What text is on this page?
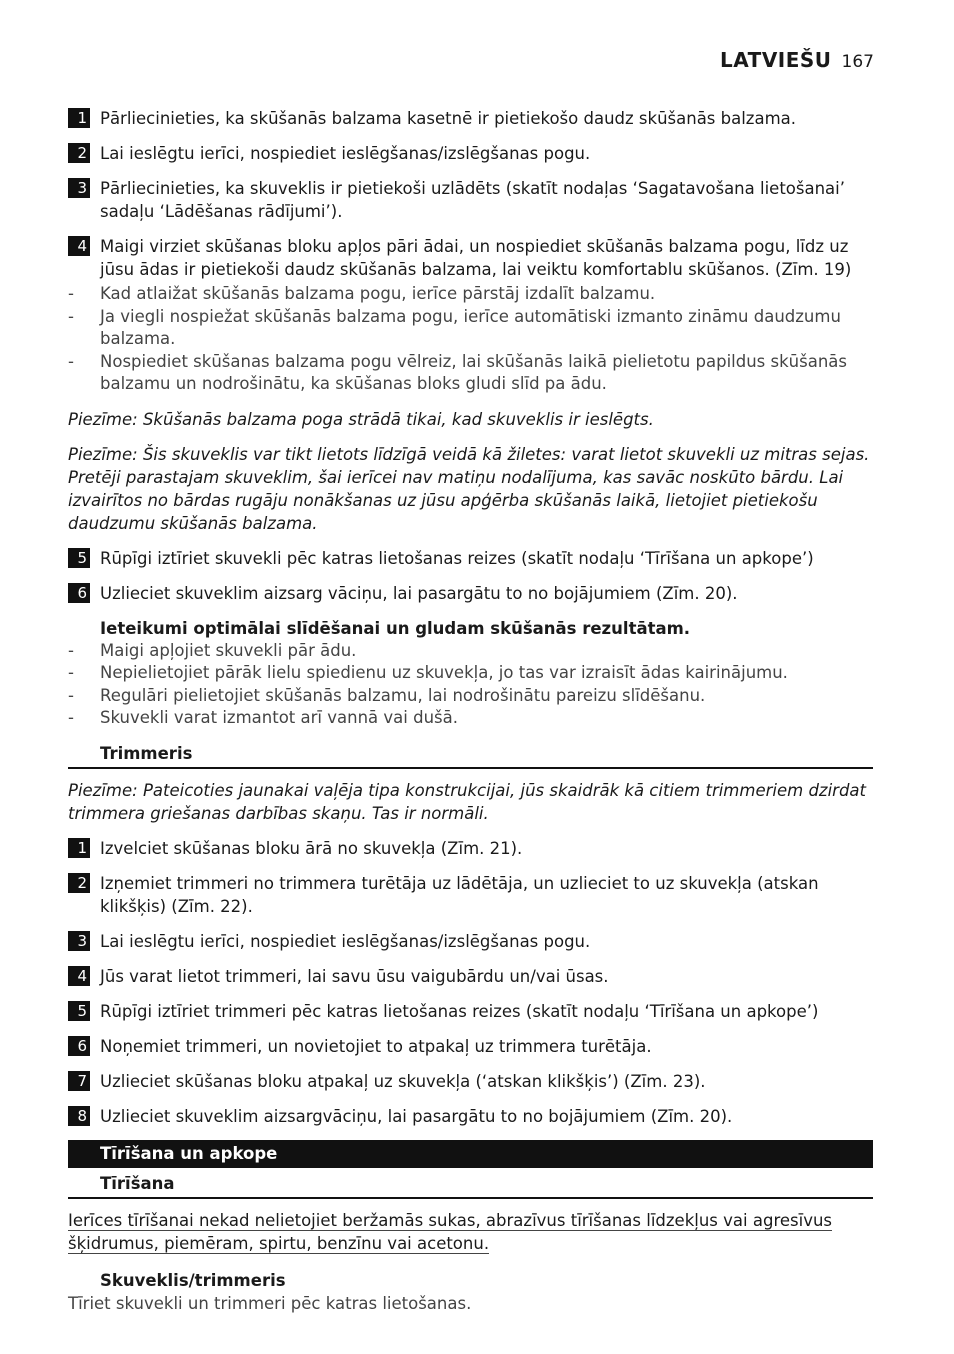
LATVIEŠU 167
1 Pārliecinieties, ka skūšanās balzama kasetnē ir pietiekošo daudz skūšanās balzama.
2 Lai ieslēgtu ierīci, nospiediet ieslēgšanas/izslēgšanas pogu.
3 Pārliecinieties, ka skuveklis ir pietiekoši uzlādēts (skatīt nodaļas ‘Sagatavošana lietošanai’ sadaļu ‘Lādēšanas rādījumi’).
4 Maigi virziet skūšanas bloku apļos pāri ādai, un nospiediet skūšanās balzama pogu, līdz uz jūsu ādas ir pietiekoši daudz skūšanās balzama, lai veiktu komfortablu skūšanos. (Zīm. 19)
-	Kad atlaižat skūšanās balzama pogu, ierīce pārstāj izdalīt balzamu.
-	Ja viegli nospiežat skūšanās balzama pogu, ierīce automātiski izmanto zināmu daudzumu balzama.
-	Nospiediet skūšanas balzama pogu vēlreiz, lai skūšanās laikā pielietotu papildus skūšanās balzamu un nodrošinātu, ka skūšanas bloks gludi slīd pa ādu.
Piezīme: Skūšanās balzama poga strādā tikai, kad skuveklis ir ieslēgts.
Piezīme: Šis skuveklis var tikt lietots līdzīgā veidā kā žiletes: varat lietot skuvekli uz mitras sejas. Pretēji parastajam skuveklim, šai ierīcei nav matiņu nodalījuma, kas savāc noskūto bārdu. Lai izvairītos no bārdas rugāju nonākšanas uz jūsu apģērba skūšanās laikā, lietojiet pietiekošu daudzumu skūšanās balzama.
5 Rūpīgi iztīriet skuvekli pēc katras lietošanas reizes (skatīt nodaļu ‘Tīrīšana un apkope’)
6 Uzlieciet skuveklim aizsarg vāciņu, lai pasargātu to no bojājumiem (Zīm. 20).
Ieteikumi optimālai slīdēšanai un gludam skūšanās rezultātam.
-	Maigi apļojiet skuvekli pār ādu.
-	Nepielietojiet pārāk lielu spiedienu uz skuvekļa, jo tas var izraisīt ādas kairinājumu.
-	Regulāri pielietojiet skūšanās balzamu, lai nodrošinātu pareizu slīdēšanu.
-	Skuvekli varat izmantot arī vannā vai dušā.
Trimmeris
Piezīme: Pateicoties jaunakai vaļēja tipa konstrukcijai, jūs skaidrāk kā citiem trimmeriem dzirdat trimmera griešanas darbības skaņu. Tas ir normāli.
1 Izvelciet skūšanas bloku ārā no skuvekļa (Zīm. 21).
2 Izņemiet trimmeri no trimmera turētāja uz lādētāja, un uzlieciet to uz skuvekļa (atskan klikšķis) (Zīm. 22).
3 Lai ieslēgtu ierīci, nospiediet ieslēgšanas/izslēgšanas pogu.
4 Jūs varat lietot trimmeri, lai savu ūsu vaigubārdu un/vai ūsas.
5 Rūpīgi iztīriet trimmeri pēc katras lietošanas reizes (skatīt nodaļu ‘Tīrīšana un apkope’)
6 Noņemiet trimmeri, un novietojiet to atpakaļ uz trimmera turētāja.
7 Uzlieciet skūšanas bloku atpakaļ uz skuvekļa (‘atskan klikšķis’) (Zīm. 23).
8 Uzlieciet skuveklim aizsargvāciņu, lai pasargātu to no bojājumiem (Zīm. 20).
Tīrīšana un apkope
Tīrīšana
Ierīces tīrīšanai nekad nelietojiet beržamās sukas, abrazīvus tīrīšanas līdzekļus vai agresīvus šķidrumus, piemēram, spirtu, benzīnu vai acetonu.
Skuveklis/trimmeris
Tīriet skuvekli un trimmeri pēc katras lietošanas.
